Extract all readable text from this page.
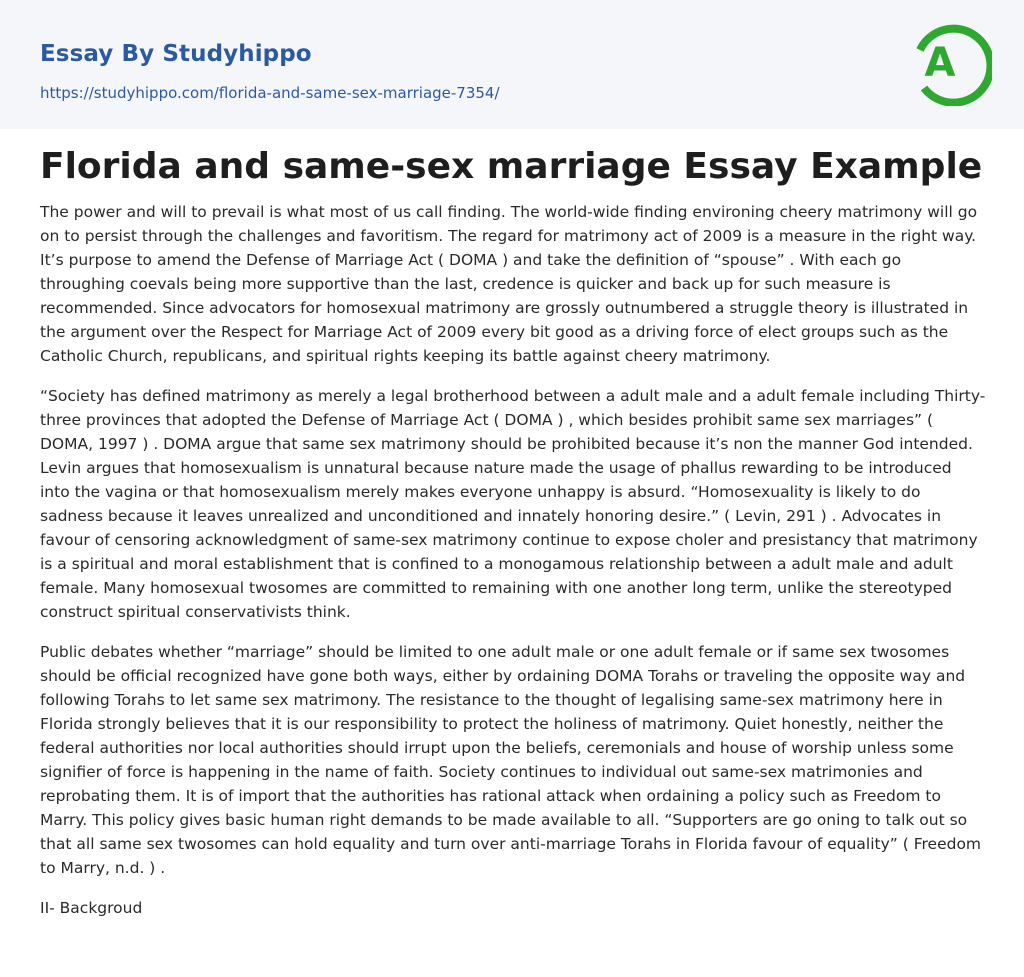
Essay By Studyhippo
https://studyhippo.com/florida-and-same-sex-marriage-7354/
A
Florida and same-sex marriage Essay Example

The power and will to prevail is what most of us call finding. The world-wide finding environing cheery matrimony will go on to persist through the challenges and favoritism. The regard for matrimony act of 2009 is a measure in the right way. It’s purpose to amend the Defense of Marriage Act ( DOMA ) and take the definition of “spouse” . With each go throughing coevals being more supportive than the last, credence is quicker and back up for such measure is recommended. Since advocators for homosexual matrimony are grossly outnumbered a struggle theory is illustrated in the argument over the Respect for Marriage Act of 2009 every bit good as a driving force of elect groups such as the Catholic Church, republicans, and spiritual rights keeping its battle against cheery matrimony.

“Society has defined matrimony as merely a legal brotherhood between a adult male and a adult female including Thirty-three provinces that adopted the Defense of Marriage Act ( DOMA ) , which besides prohibit same sex marriages” ( DOMA, 1997 ) . DOMA argue that same sex matrimony should be prohibited because it’s non the manner God intended. Levin argues that homosexualism is unnatural because nature made the usage of phallus rewarding to be introduced into the vagina or that homosexualism merely makes everyone unhappy is absurd. “Homosexuality is likely to do sadness because it leaves unrealized and unconditioned and innately honoring desire.” ( Levin, 291 ) . Advocates in favour of censoring acknowledgment of same-sex matrimony continue to expose choler and presistancy that matrimony is a spiritual and moral establishment that is confined to a monogamous relationship between a adult male and adult female. Many homosexual twosomes are committed to remaining with one another long term, unlike the stereotyped construct spiritual conservativists think.

Public debates whether “marriage” should be limited to one adult male or one adult female or if same sex twosomes should be official recognized have gone both ways, either by ordaining DOMA Torahs or traveling the opposite way and following Torahs to let same sex matrimony. The resistance to the thought of legalising same-sex matrimony here in Florida strongly believes that it is our responsibility to protect the holiness of matrimony. Quiet honestly, neither the federal authorities nor local authorities should irrupt upon the beliefs, ceremonials and house of worship unless some signifier of force is happening in the name of faith. Society continues to individual out same-sex matrimonies and reprobating them. It is of import that the authorities has rational attack when ordaining a policy such as Freedom to Marry. This policy gives basic human right demands to be made available to all. “Supporters are go oning to talk out so that all same sex twosomes can hold equality and turn over anti-marriage Torahs in Florida favour of equality” ( Freedom to Marry, n.d. ) .

II- Backgroud
